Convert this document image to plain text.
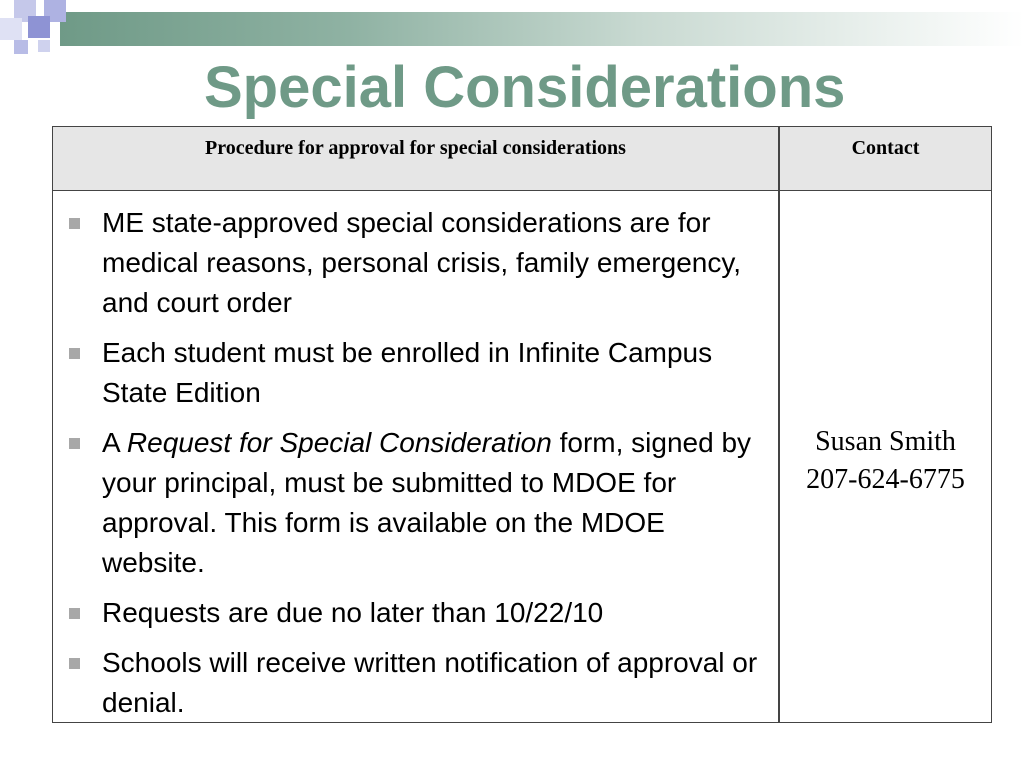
Special Considerations
Procedure for approval for special considerations	Contact
ME state-approved special considerations are for medical reasons, personal crisis, family emergency, and court order
Each student must be enrolled in Infinite Campus State Edition
A Request for Special Consideration form, signed by your principal, must be submitted to MDOE for approval. This form is available on the MDOE website.
Requests are due no later than 10/22/10
Schools will receive written notification of approval or denial.
Susan Smith
207-624-6775
